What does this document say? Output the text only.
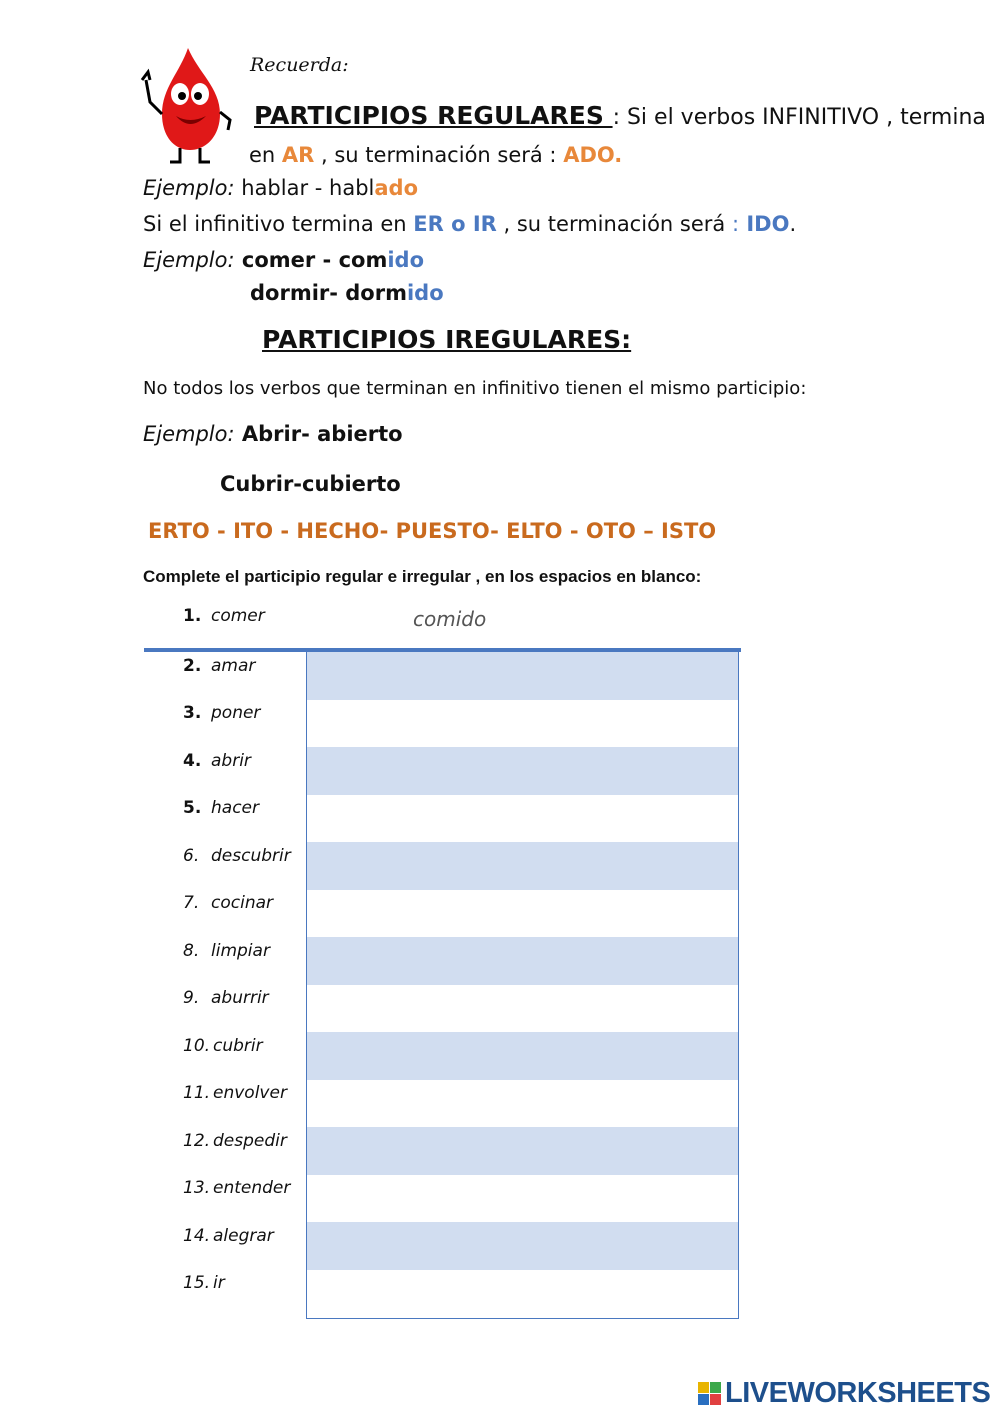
Recuerda:
PARTICIPIOS REGULARES : Si el verbos INFINITIVO , termina
en AR , su terminación será : ADO.
Ejemplo: hablar - hablado
Si el infinitivo termina en ER o IR , su terminación será : IDO.
Ejemplo: comer - comido
dormir- dormido
PARTICIPIOS IREGULARES:
No todos los verbos que terminan en infinitivo tienen el mismo participio:
Ejemplo: Abrir- abierto
Cubrir-cubierto
ERTO - ITO - HECHO- PUESTO- ELTO - OTO – ISTO
Complete el participio regular e irregular , en los espacios en blanco:
1. comer
2. amar
3. poner
4. abrir
5. hacer
6. descubrir
7. cocinar
8. limpiar
9. aburrir
10. cubrir
11. envolver
12. despedir
13. entender
14. alegrar
15. ir
comido
LIVEWORKSHEETS
